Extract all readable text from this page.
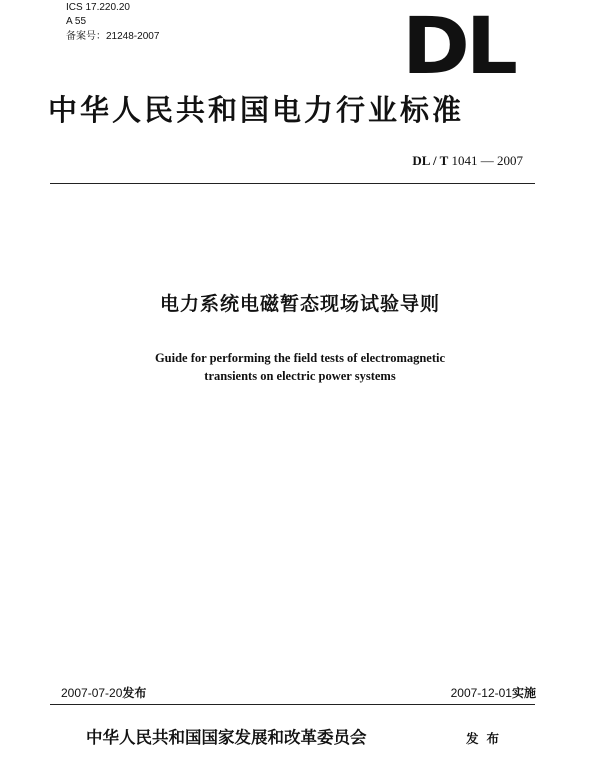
ICS 17.220.20
A 55
备案号：21248-2007	DL
中华人民共和国电力行业标准
DL / T 1041 — 2007
电力系统电磁暂态现场试验导则
Guide for performing the field tests of electromagnetic
transients on electric power systems
2007-07-20发布	2007-12-01实施
中华人民共和国国家发展和改革委员会	发布
